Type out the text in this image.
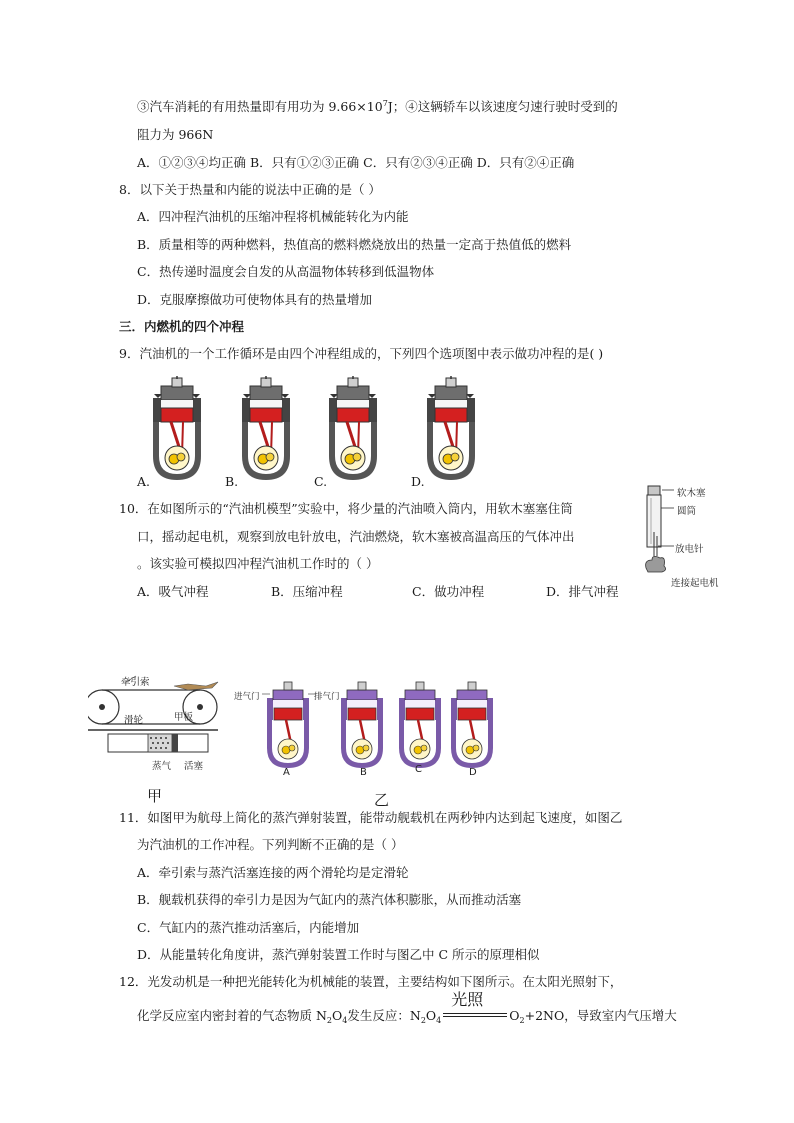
③汽车消耗的有用热量即有用功为 $9.66\times 10^7J$；④这辆轿车以该速度匀速行驶时受到的
阻力为 966N
A．①②③④均正确 B．只有①②③正确 C．只有②③④正确 D．只有②④正确
8．以下关于热量和内能的说法中正确的是（ ）
A．四冲程汽油机的压缩冲程将机械能转化为内能
B．质量相等的两种燃料，热值高的燃料燃烧放出的热量一定高于热值低的燃料
C．热传递时温度会自发的从高温物体转移到低温物体
D．克服摩擦做功可使物体具有的热量增加
三．内燃机的四个冲程
9．汽油机的一个工作循环是由四个冲程组成的，下列四个选项图中表示做功冲程的是( )
A.	B.	C.	D.
10．在如图所示的“汽油机模型”实验中，将少量的汽油喷入筒内，用软木塞塞住筒
口，摇动起电机，观察到放电针放电，汽油燃烧，软木塞被高温高压的气体冲出
。该实验可模拟四冲程汽油机工作时的（ ）
A．吸气冲程	B．压缩冲程	C．做功冲程	D．排气冲程
软木塞
圆筒
放电针
连接起电机
牵引索
滑轮	甲板
蒸气 活塞
甲
进气门	排气门
A	B	C	D
乙
11．如图甲为航母上简化的蒸汽弹射装置，能带动舰载机在两秒钟内达到起飞速度，如图乙
为汽油机的工作冲程。下列判断不正确的是（ ）
A．牵引索与蒸汽活塞连接的两个滑轮均是定滑轮
B．舰载机获得的牵引力是因为气缸内的蒸汽体积膨胀，从而推动活塞
C．气缸内的蒸汽推动活塞后，内能增加
D．从能量转化角度讲，蒸汽弹射装置工作时与图乙中 C 所示的原理相似
12．光发动机是一种把光能转化为机械能的装置，主要结构如下图所示。在太阳光照射下，
化学反应室内密封着的气态物质 $N_2O_4$发生反应：$N_2O_4$
光照
$O_2+2NO$，导致室内气压增大
